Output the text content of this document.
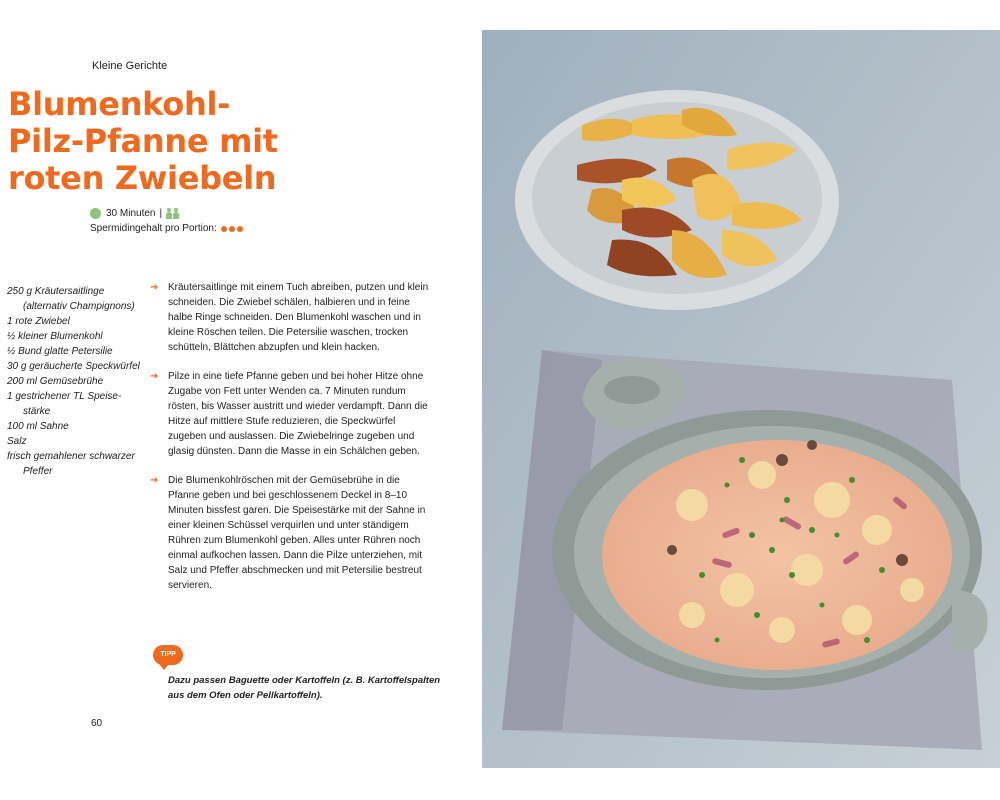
Kleine Gerichte
Blumenkohl-
Pilz-Pfanne mit
roten Zwiebeln
30 Minuten |
Spermidingehalt pro Portion:
250 g Kräutersaitlinge (alternativ Champignons)
1 rote Zwiebel
½ kleiner Blumenkohl
½ Bund glatte Petersilie
30 g geräucherte Speckwürfel
200 ml Gemüsebrühe
1 gestrichener TL Speise-stärke
100 ml Sahne
Salz
frisch gemahlener schwarzer Pfeffer
➔ Kräutersaitlinge mit einem Tuch abreiben, putzen und klein schneiden. Die Zwiebel schälen, halbieren und in feine halbe Ringe schneiden. Den Blumenkohl waschen und in kleine Röschen teilen. Die Petersilie waschen, trocken schütteln, Blättchen abzupfen und klein hacken.
➔ Pilze in eine tiefe Pfanne geben und bei hoher Hitze ohne Zugabe von Fett unter Wenden ca. 7 Minuten rundum rösten, bis Wasser austritt und wieder verdampft. Dann die Hitze auf mittlere Stufe reduzieren, die Speckwürfel zugeben und auslassen. Die Zwiebelringe zugeben und glasig dünsten. Dann die Masse in ein Schälchen geben.
➔ Die Blumenkohlröschen mit der Gemüsebrühe in die Pfanne geben und bei geschlossenem Deckel in 8–10 Minuten bissfest garen. Die Speisestärke mit der Sahne in einer kleinen Schüssel verquirlen und unter ständigem Rühren zum Blumenkohl geben. Alles unter Rühren noch einmal aufkochen lassen. Dann die Pilze unterziehen, mit Salz und Pfeffer abschmecken und mit Petersilie bestreut servieren.
TIPP
Dazu passen Baguette oder Kartoffeln (z. B. Kartoffelspalten aus dem Ofen oder Pellkartoffeln).
60
